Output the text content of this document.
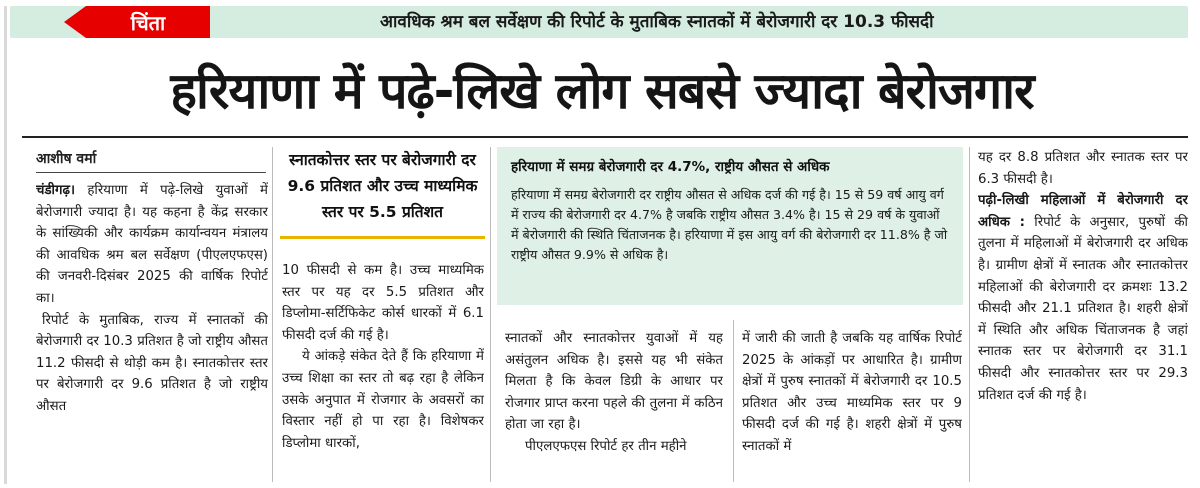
चिंता	आवधिक श्रम बल सर्वेक्षण की रिपोर्ट के मुताबिक स्नातकों में बेरोजगारी दर 10.3 फीसदी
हरियाणा में पढ़े-लिखे लोग सबसे ज्यादा बेरोजगार
आशीष वर्मा

चंडीगढ़। हरियाणा में पढ़े-लिखे युवाओं में बेरोजगारी ज्यादा है। यह कहना है केंद्र सरकार के सांख्यिकी और कार्यक्रम कार्यान्वयन मंत्रालय की आवधिक श्रम बल सर्वेक्षण (पीएलएफएस) की जनवरी-दिसंबर 2025 की वार्षिक रिपोर्ट का।

रिपोर्ट के मुताबिक, राज्य में स्नातकों की बेरोजगारी दर 10.3 प्रतिशत है जो राष्ट्रीय औसत 11.2 फीसदी से थोड़ी कम है। स्नातकोत्तर स्तर पर बेरोजगारी दर 9.6 प्रतिशत है जो राष्ट्रीय औसत

स्नातकोत्तर स्तर पर बेरोजगारी दर 9.6 प्रतिशत और उच्च माध्यमिक स्तर पर 5.5 प्रतिशत

10 फीसदी से कम है। उच्च माध्यमिक स्तर पर यह दर 5.5 प्रतिशत और डिप्लोमा-सर्टिफिकेट कोर्स धारकों में 6.1 फीसदी दर्ज की गई है।

ये आंकड़े संकेत देते हैं कि हरियाणा में उच्च शिक्षा का स्तर तो बढ़ रहा है लेकिन उसके अनुपात में रोजगार के अवसरों का विस्तार नहीं हो पा रहा है। विशेषकर डिप्लोमा धारकों,

हरियाणा में समग्र बेरोजगारी दर 4.7%, राष्ट्रीय औसत से अधिक
हरियाणा में समग्र बेरोजगारी दर राष्ट्रीय औसत से अधिक दर्ज की गई है। 15 से 59 वर्ष आयु वर्ग में राज्य की बेरोजगारी दर 4.7% है जबकि राष्ट्रीय औसत 3.4% है। 15 से 29 वर्ष के युवाओं में बेरोजगारी की स्थिति चिंताजनक है। हरियाणा में इस आयु वर्ग की बेरोजगारी दर 11.8% है जो राष्ट्रीय औसत 9.9% से अधिक है।

स्नातकों और स्नातकोत्तर युवाओं में यह असंतुलन अधिक है। इससे यह भी संकेत मिलता है कि केवल डिग्री के आधार पर रोजगार प्राप्त करना पहले की तुलना में कठिन होता जा रहा है।

पीएलएफएस रिपोर्ट हर तीन महीने

में जारी की जाती है जबकि यह वार्षिक रिपोर्ट 2025 के आंकड़ों पर आधारित है। ग्रामीण क्षेत्रों में पुरुष स्नातकों में बेरोजगारी दर 10.5 प्रतिशत और उच्च माध्यमिक स्तर पर 9 फीसदी दर्ज की गई है। शहरी क्षेत्रों में पुरुष स्नातकों में

यह दर 8.8 प्रतिशत और स्नातक स्तर पर 6.3 फीसदी है।

पढ़ी-लिखी महिलाओं में बेरोजगारी दर अधिक : रिपोर्ट के अनुसार, पुरुषों की तुलना में महिलाओं में बेरोजगारी दर अधिक है। ग्रामीण क्षेत्रों में स्नातक और स्नातकोत्तर महिलाओं की बेरोजगारी दर क्रमशः 13.2 फीसदी और 21.1 प्रतिशत है। शहरी क्षेत्रों में स्थिति और अधिक चिंताजनक है जहां स्नातक स्तर पर बेरोजगारी दर 31.1 फीसदी और स्नातकोत्तर स्तर पर 29.3 प्रतिशत दर्ज की गई है।
